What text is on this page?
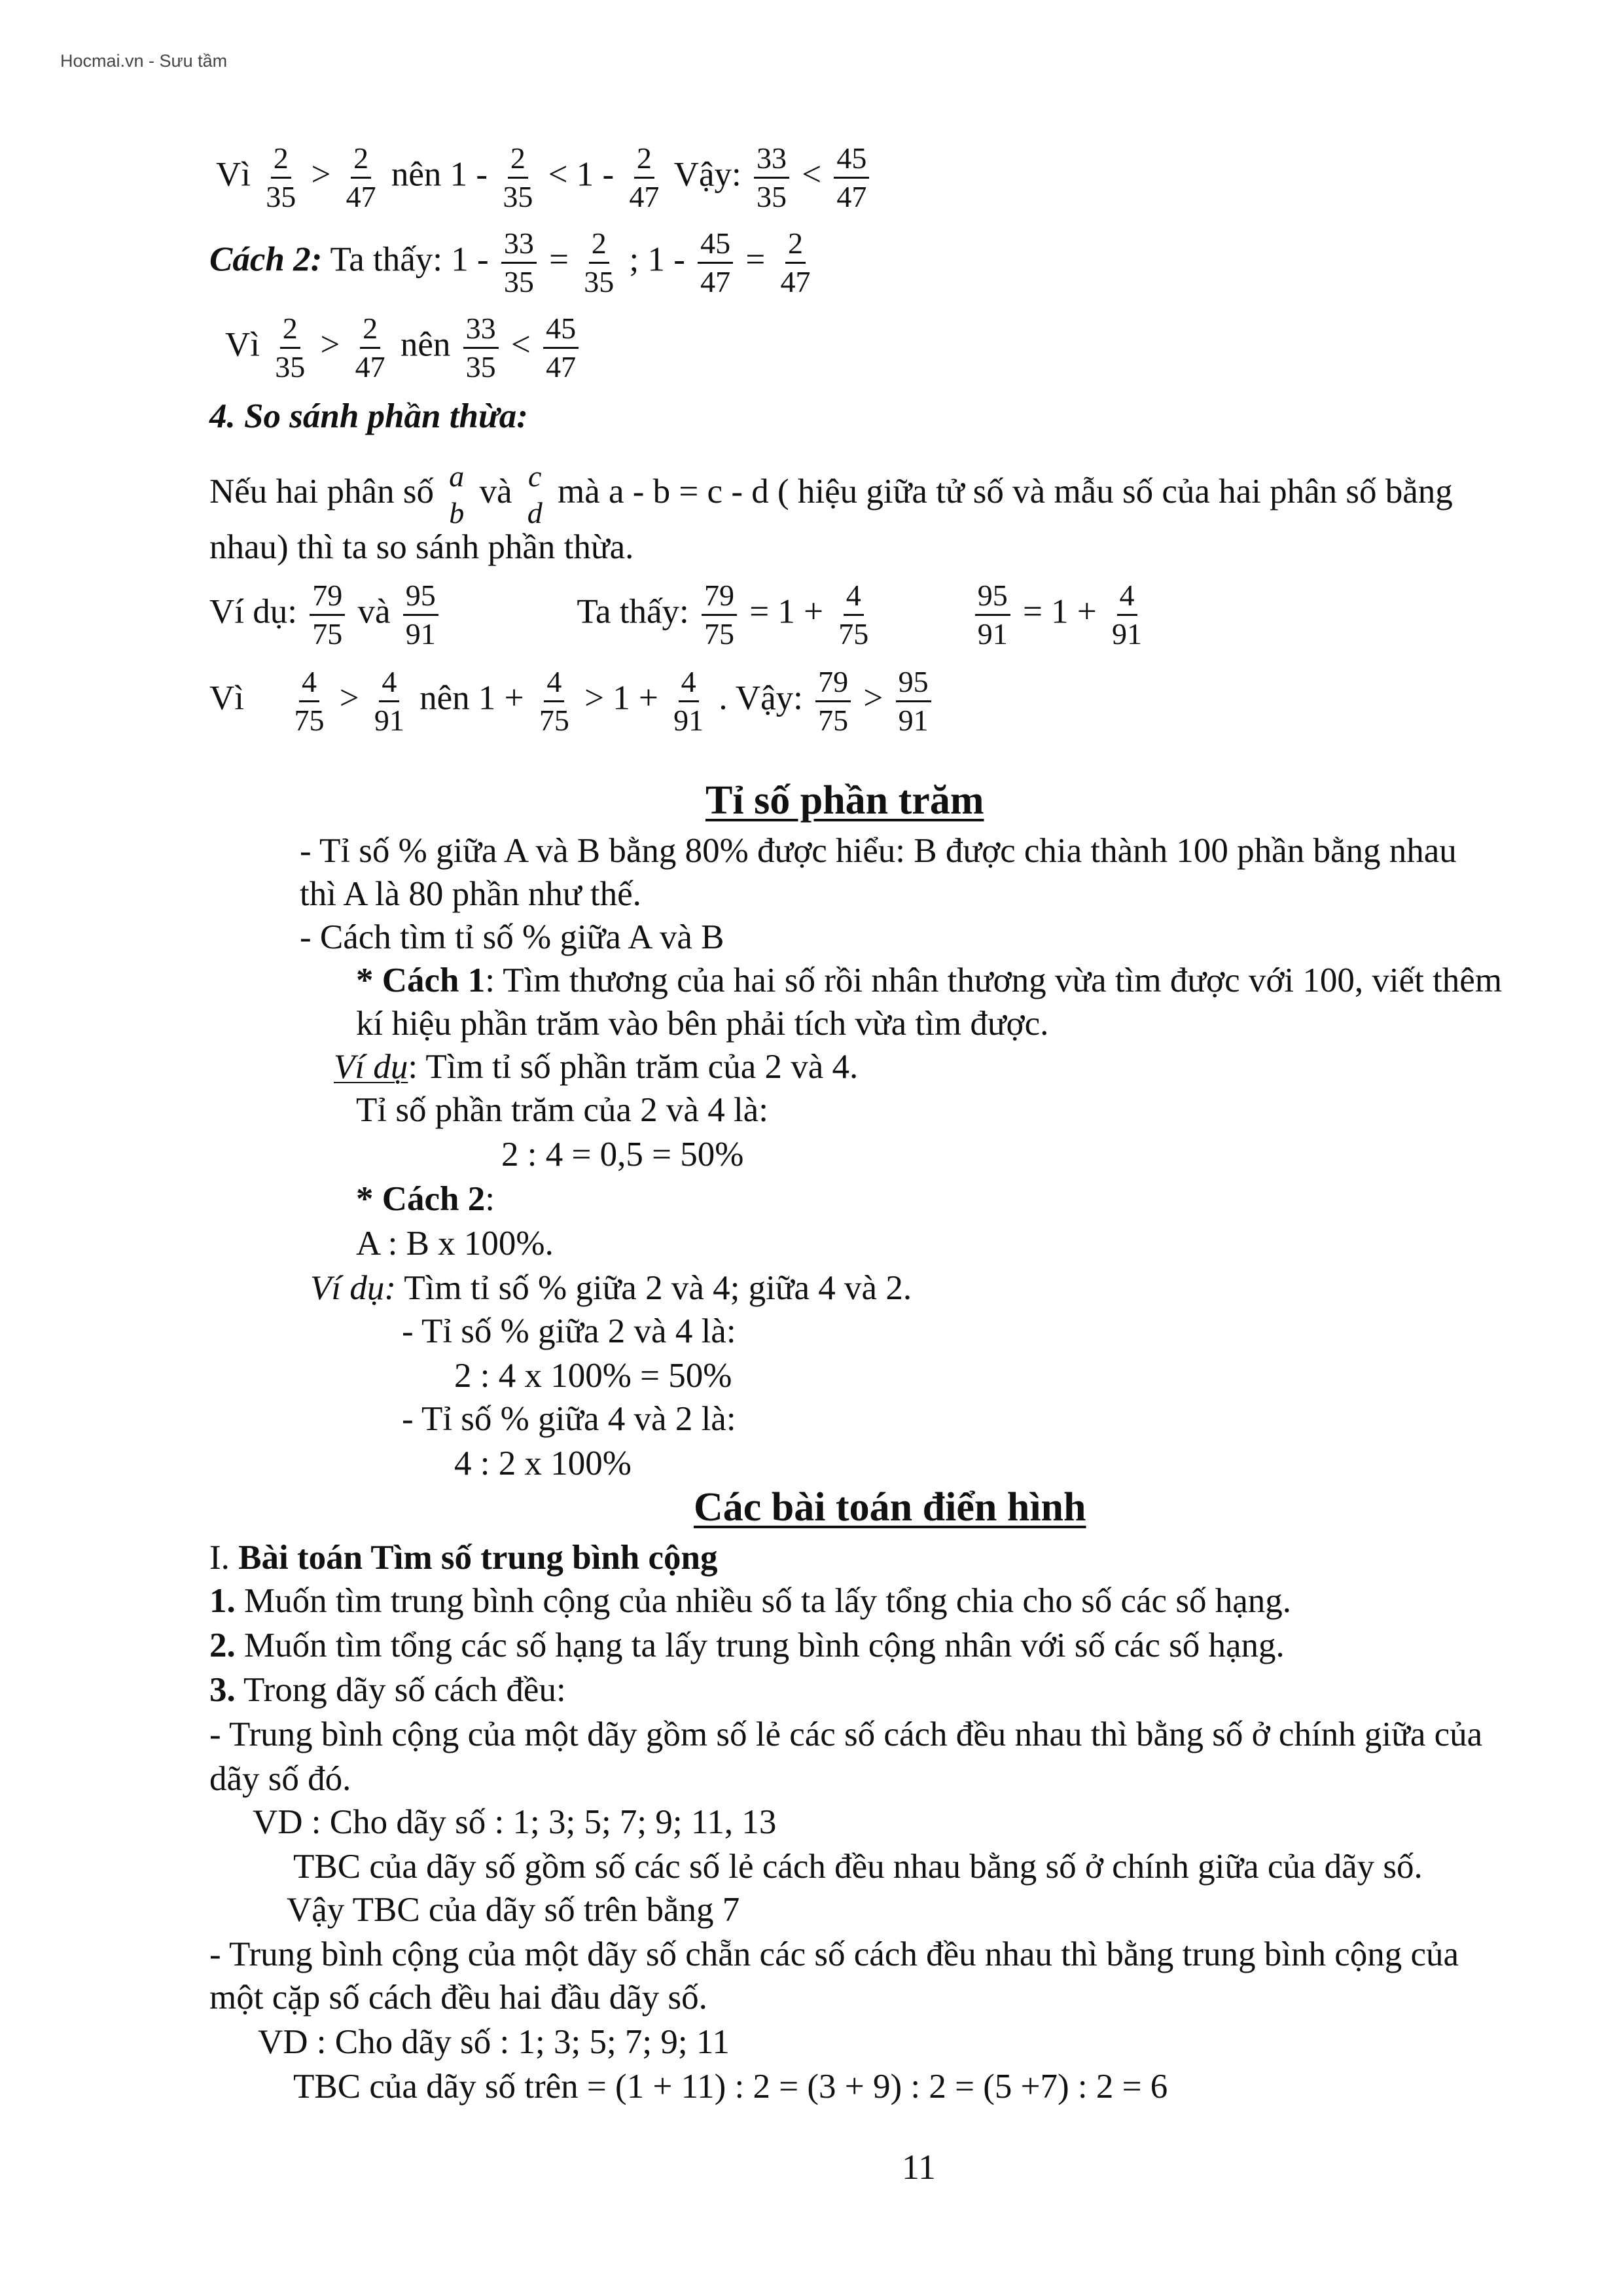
Hocmai.vn - Sưu tầm
Vì $\frac{2}{35} > \frac{2}{47}$ nên $1 - \frac{2}{35} < 1 - \frac{2}{47}$ Vậy: $\frac{33}{35} < \frac{45}{47}$
Cách 2: Ta thấy: $1 - \frac{33}{35} = \frac{2}{35}$ ; $1 - \frac{45}{47} = \frac{2}{47}$
Vì $\frac{2}{35} > \frac{2}{47}$ nên $\frac{33}{35} < \frac{45}{47}$
4. So sánh phần thừa:
Nếu hai phân số a
b
và c
d
mà a - b = c - d ( hiệu giữa tử số và mẫu số của hai phân số bằng
nhau) thì ta so sánh phần thừa.
Ví dụ: $\frac{79}{75}$ và $\frac{95}{91}$	Ta thấy: $\frac{79}{75} = 1 + \frac{4}{75}$
	$\frac{95}{91} = 1 + \frac{4}{91}$
Vì $\frac{4}{75} > \frac{4}{91}$ nên $1 + \frac{4}{75} > 1 + \frac{4}{91}$ . Vậy: $\frac{79}{75} > \frac{95}{91}$
Tỉ số phần trăm
- Tỉ số % giữa A và B bằng 80% được hiểu: B được chia thành 100 phần bằng nhau
thì A là 80 phần như thế.
- Cách tìm tỉ số % giữa A và B
* Cách 1: Tìm thương của hai số rồi nhân thương vừa tìm được với 100, viết thêm
kí hiệu phần trăm vào bên phải tích vừa tìm được.
Ví dụ: Tìm tỉ số phần trăm của 2 và 4.
Tỉ số phần trăm của 2 và 4 là:
2 : 4 = 0,5 = 50%
* Cách 2:
A : B x 100%.
Ví dụ: Tìm tỉ số % giữa 2 và 4; giữa 4 và 2.
- Tỉ số % giữa 2 và 4 là:
2 : 4 x 100% = 50%
- Tỉ số % giữa 4 và 2 là:
4 : 2 x 100%
Các bài toán điển hình
I. Bài toán Tìm số trung bình cộng
1. Muốn tìm trung bình cộng của nhiều số ta lấy tổng chia cho số các số hạng.
2. Muốn tìm tổng các số hạng ta lấy trung bình cộng nhân với số các số hạng.
3. Trong dãy số cách đều:
- Trung bình cộng của một dãy gồm số lẻ các số cách đều nhau thì bằng số ở chính giữa của
dãy số đó.
VD : Cho dãy số : 1; 3; 5; 7; 9; 11, 13
TBC của dãy số gồm số các số lẻ cách đều nhau bằng số ở chính giữa của dãy số.
Vậy TBC của dãy số trên bằng 7
- Trung bình cộng của một dãy số chẵn các số cách đều nhau thì bằng trung bình cộng của
một cặp số cách đều hai đầu dãy số.
VD : Cho dãy số : 1; 3; 5; 7; 9; 11
TBC của dãy số trên = (1 + 11) : 2 = (3 + 9) : 2 = (5 +7) : 2 = 6
11
